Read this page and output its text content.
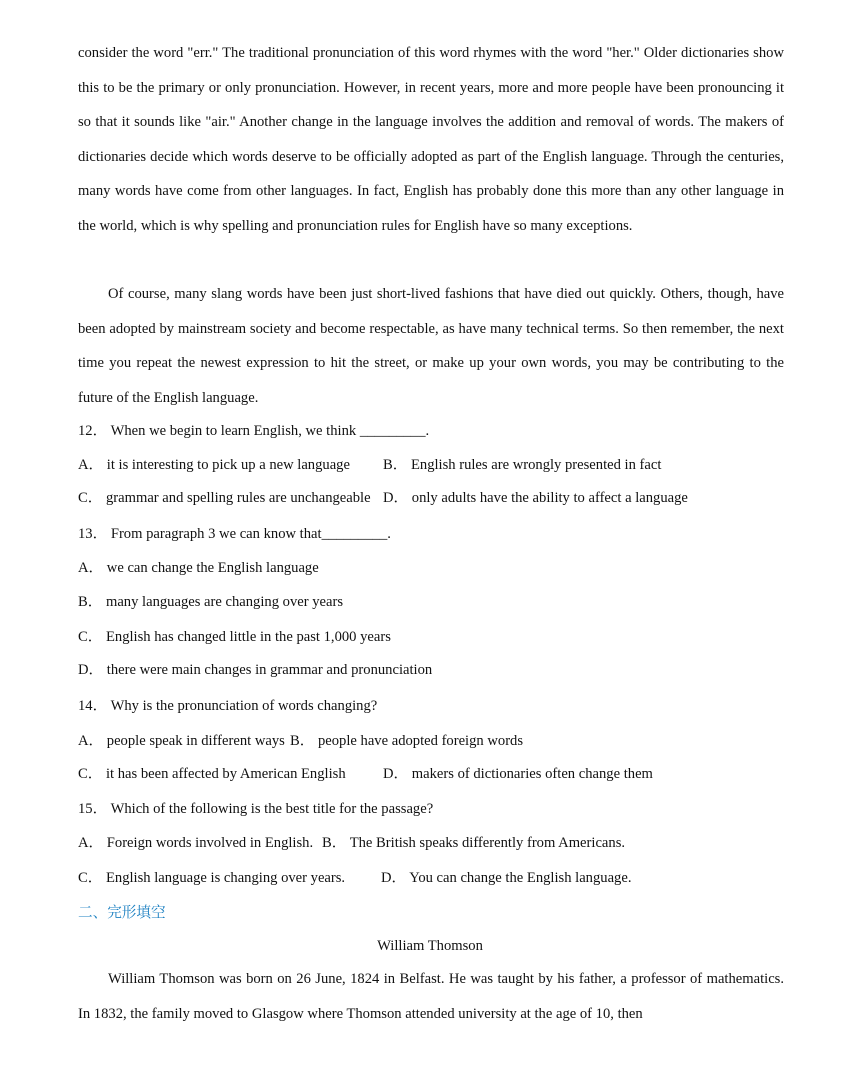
consider the word "err." The traditional pronunciation of this word rhymes with the word "her." Older dictionaries show this to be the primary or only pronunciation. However, in recent years, more and more people have been pronouncing it so that it sounds like "air." Another change in the language involves the addition and removal of words. The makers of dictionaries decide which words deserve to be officially adopted as part of the English language. Through the centuries, many words have come from other languages. In fact, English has probably done this more than any other language in the world, which is why spelling and pronunciation rules for English have so many exceptions.

Of course, many slang words have been just short-lived fashions that have died out quickly. Others, though, have been adopted by mainstream society and become respectable, as have many technical terms. So then remember, the next time you repeat the newest expression to hit the street, or make up your own words, you may be contributing to the future of the English language.

12． When we begin to learn English, we think _________.
A． it is interesting to pick up a new language B． English rules are wrongly presented in fact
C． grammar and spelling rules are unchangeable D． only adults have the ability to affect a language
13． From paragraph 3 we can know that_________.
A． we can change the English language
B． many languages are changing over years
C． English has changed little in the past 1,000 years
D． there were main changes in grammar and pronunciation
14． Why is the pronunciation of words changing?
A． people speak in different ways B． people have adopted foreign words
C． it has been affected by American English	D． makers of dictionaries often change them
15． Which of the following is the best title for the passage?
A． Foreign words involved in English. B． The British speaks differently from Americans.
C． English language is changing over years. D． You can change the English language.
二、完形填空
William Thomson

William Thomson was born on 26 June, 1824 in Belfast. He was taught by his father, a professor of mathematics. In 1832, the family moved to Glasgow where Thomson attended university at the age of 10, then
